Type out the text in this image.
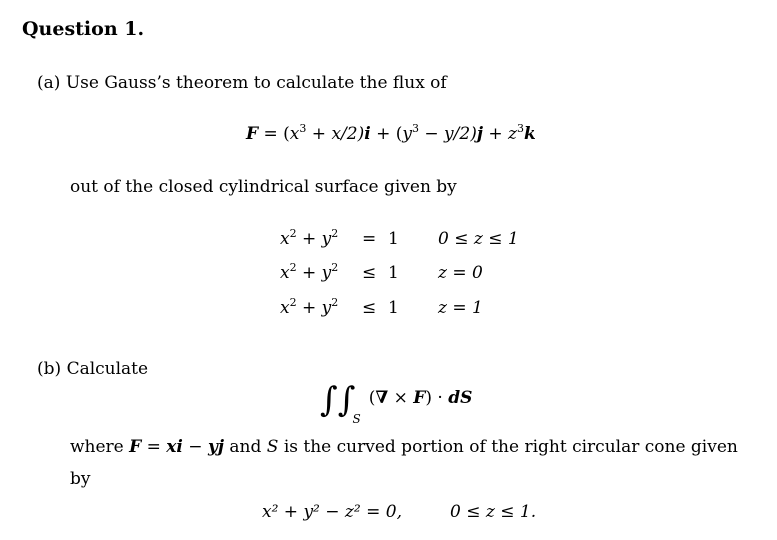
Question 1.
(a) Use Gauss’s theorem to calculate the flux of
$F = (x^3 + x/2)i + (y^3 - y/2)j + z^3k$
out of the closed cylindrical surface given by
$x^2 + y^2 = 1$ 0 ≤ z ≤ 1
$x^2 + y^2 \le 1$ z = 0
$x^2 + y^2 \le 1$ z = 1
(b) Calculate
$\int\int_S$ (∇ × F) · dS
where F = xi − yj and S is the curved portion of the right circular cone given
by
x² + y² − z² = 0,	0 ≤ z ≤ 1.
